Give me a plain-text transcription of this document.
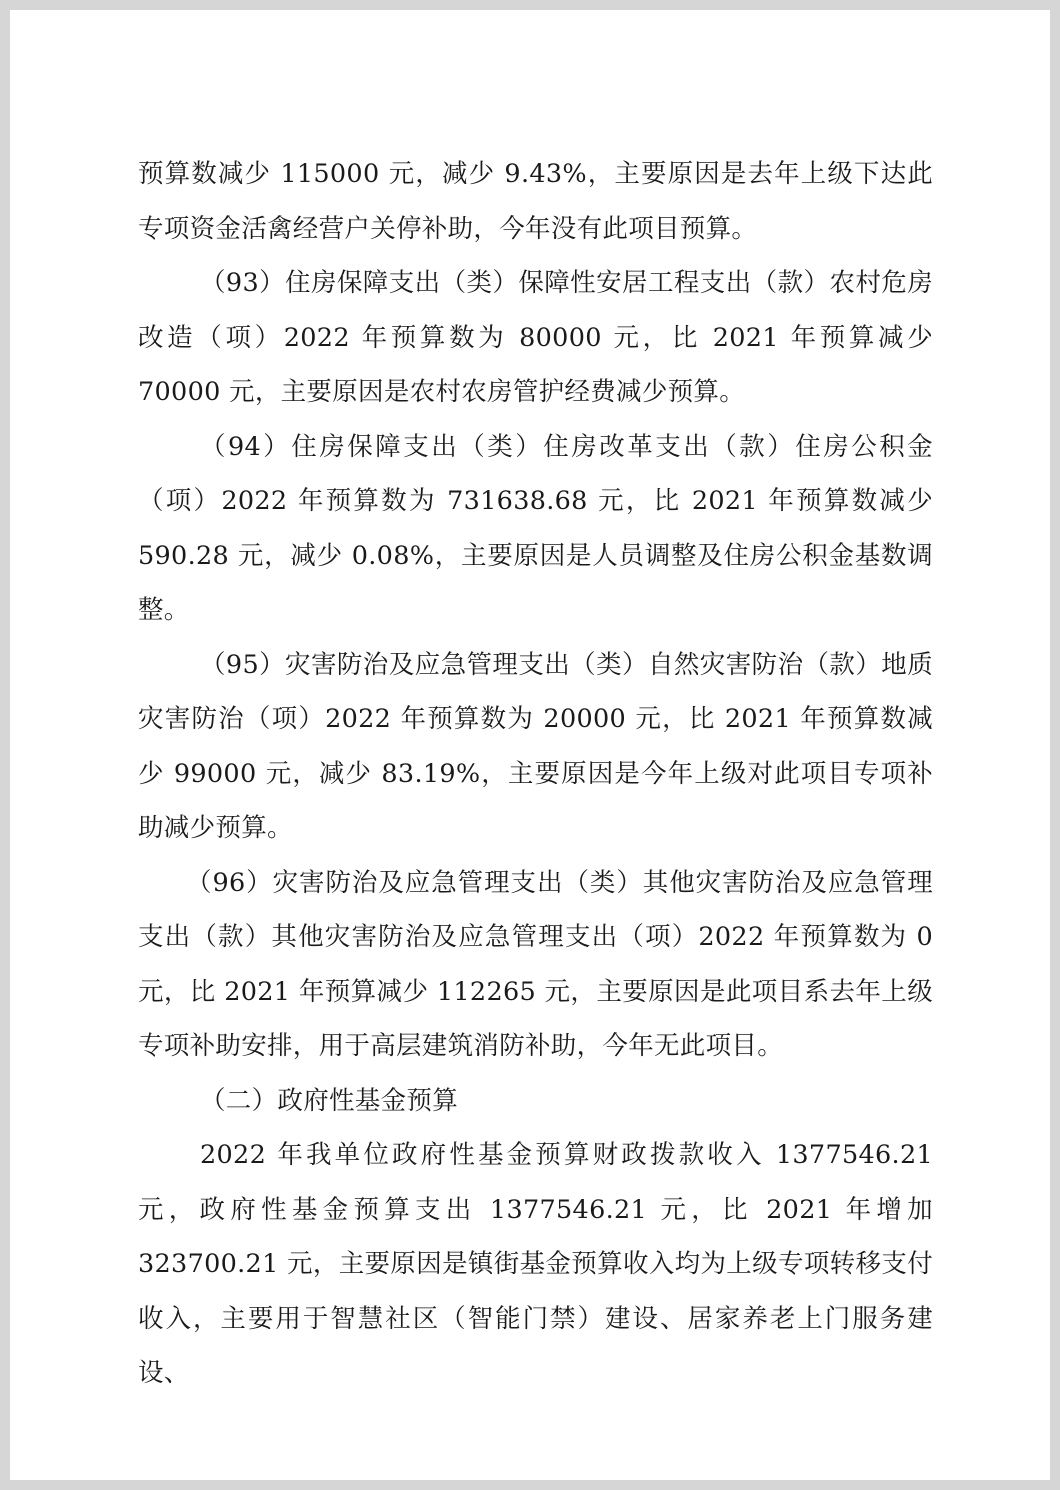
预算数减少 115000 元，减少 9.43%，主要原因是去年上级下达此专项资金活禽经营户关停补助，今年没有此项目预算。

（93）住房保障支出（类）保障性安居工程支出（款）农村危房改造（项）2022 年预算数为 80000 元，比 2021 年预算减少 70000 元，主要原因是农村农房管护经费减少预算。

（94）住房保障支出（类）住房改革支出（款）住房公积金（项）2022 年预算数为 731638.68 元，比 2021 年预算数减少 590.28 元，减少 0.08%，主要原因是人员调整及住房公积金基数调整。

（95）灾害防治及应急管理支出（类）自然灾害防治（款）地质灾害防治（项）2022 年预算数为 20000 元，比 2021 年预算数减少 99000 元，减少 83.19%，主要原因是今年上级对此项目专项补助减少预算。

（96）灾害防治及应急管理支出（类）其他灾害防治及应急管理支出（款）其他灾害防治及应急管理支出（项）2022 年预算数为 0 元，比 2021 年预算减少 112265 元，主要原因是此项目系去年上级专项补助安排，用于高层建筑消防补助，今年无此项目。

（二）政府性基金预算

2022 年我单位政府性基金预算财政拨款收入 1377546.21 元，政府性基金预算支出 1377546.21 元，比 2021 年增加 323700.21 元，主要原因是镇街基金预算收入均为上级专项转移支付收入，主要用于智慧社区（智能门禁）建设、居家养老上门服务建设、
